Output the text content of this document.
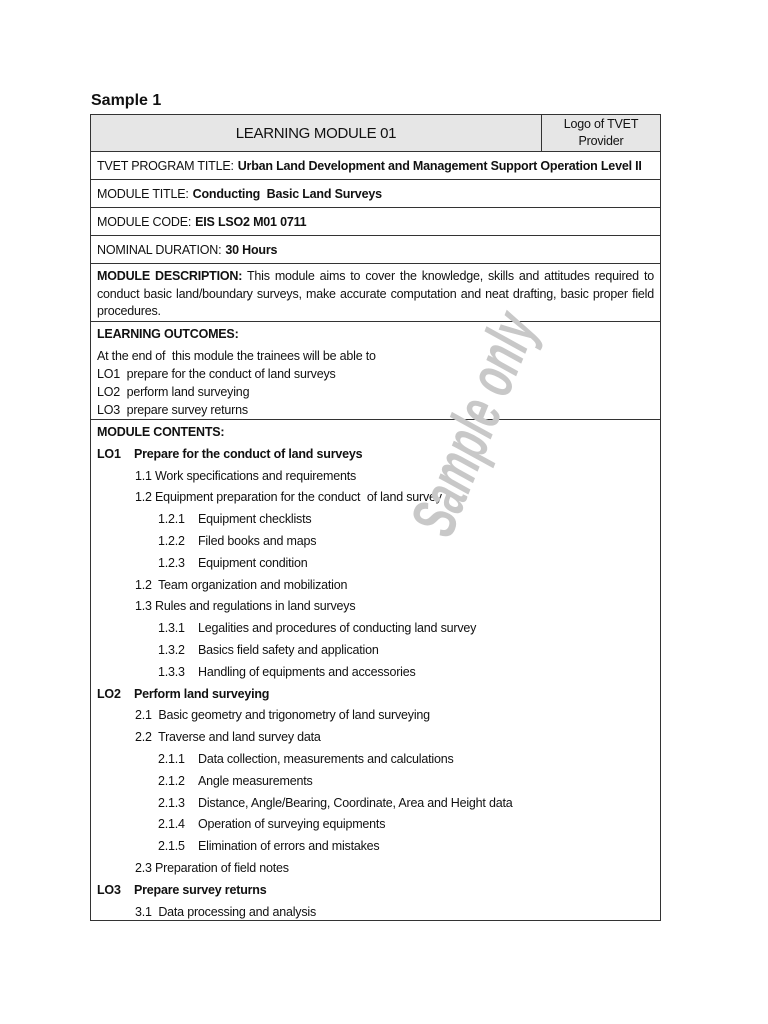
Sample 1
LEARNING MODULE 01
Logo of TVET
Provider
TVET PROGRAM TITLE: Urban Land Development and Management Support Operation Level II
MODULE TITLE: Conducting  Basic Land Surveys
MODULE CODE: EIS LSO2 M01 0711
NOMINAL DURATION: 30 Hours
MODULE DESCRIPTION: This module aims to cover the knowledge, skills and attitudes required to conduct basic land/boundary surveys, make accurate computation and neat drafting, basic proper field procedures.
LEARNING OUTCOMES:
At the end of  this module the trainees will be able to
LO1  prepare for the conduct of land surveys
LO2  perform land surveying
LO3  prepare survey returns
MODULE CONTENTS:
LO1 Prepare for the conduct of land surveys
1.1 Work specifications and requirements
1.2 Equipment preparation for the conduct  of land survey
1.2.1 Equipment checklists
1.2.2 Filed books and maps
1.2.3 Equipment condition
1.2  Team organization and mobilization
1.3 Rules and regulations in land surveys
1.3.1 Legalities and procedures of conducting land survey
1.3.2 Basics field safety and application
1.3.3 Handling of equipments and accessories
LO2 Perform land surveying
2.1  Basic geometry and trigonometry of land surveying
2.2  Traverse and land survey data
2.1.1 Data collection, measurements and calculations
2.1.2 Angle measurements
2.1.3 Distance, Angle/Bearing, Coordinate, Area and Height data
2.1.4 Operation of surveying equipments
2.1.5 Elimination of errors and mistakes
2.3 Preparation of field notes
LO3 Prepare survey returns
3.1  Data processing and analysis
Sample only
